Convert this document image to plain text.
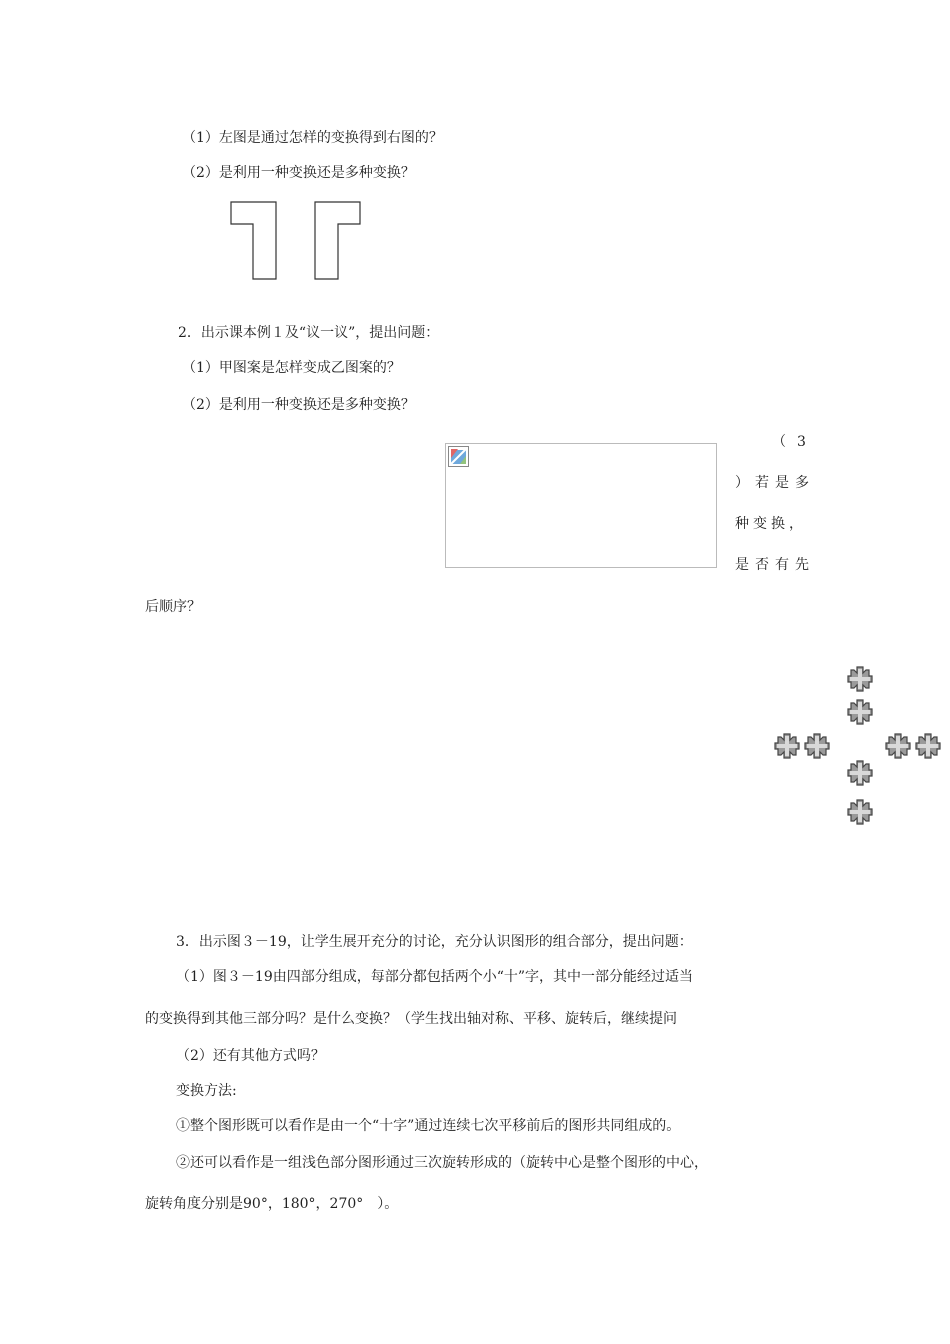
（1）左图是通过怎样的变换得到右图的？
（2）是利用一种变换还是多种变换？
2．出示课本例１及“议一议”，提出问题：
（1）甲图案是怎样变成乙图案的？
（2）是利用一种变换还是多种变换？
（ 3
）若是多
种变换，
是否有先
后顺序？
3．出示图３－19，让学生展开充分的讨论，充分认识图形的组合部分，提出问题：
（1）图３－19由四部分组成，每部分都包括两个小“十”字，其中一部分能经过适当
的变换得到其他三部分吗？是什么变换？（学生找出轴对称、平移、旋转后，继续提问
（2）还有其他方式吗？
变换方法:
①整个图形既可以看作是由一个“十字”通过连续七次平移前后的图形共同组成的。
②还可以看作是一组浅色部分图形通过三次旋转形成的（旋转中心是整个图形的中心，
旋转角度分别是90°，180°，270°　）。
